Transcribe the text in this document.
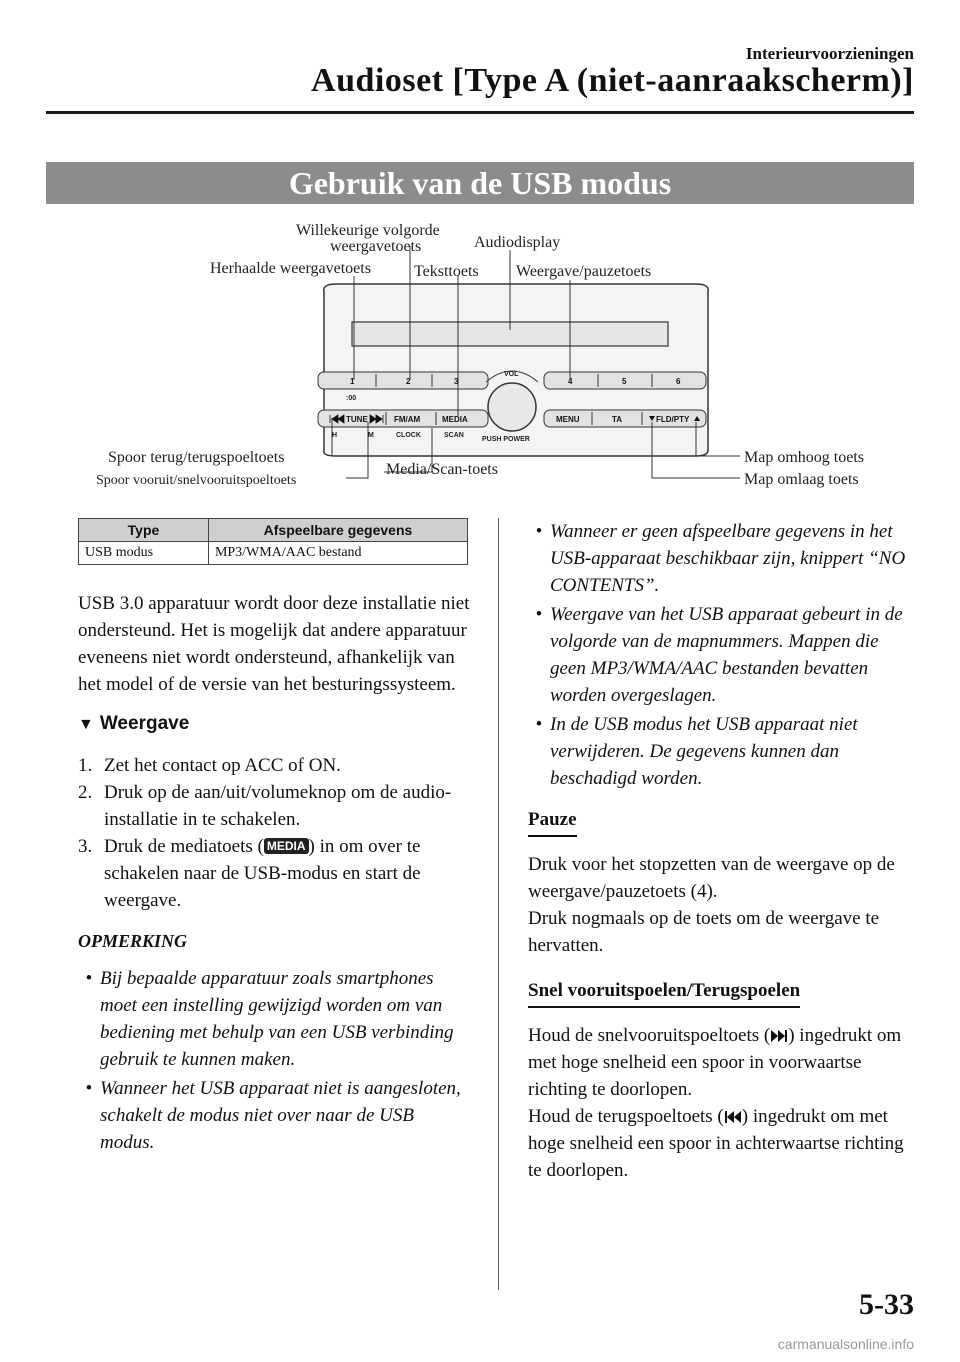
Interieurvoorzieningen
Audioset [Type A (niet-aanraakscherm)]
Gebruik van de USB modus
1	2	3	4	5	6
:00
VOL
PUSH POWER
TUNE	FM/AM	MEDIA	MENU	TA	FLD/PTY
H	M	CLOCK	SCAN
Willekeurige volgorde
weergavetoets	Audiodisplay
Herhaalde weergavetoets	Teksttoets Weergave/pauzetoets
Spoor terug/terugspoeltoets
Spoor vooruit/snelvooruitspoeltoets
Media/Scan-toets
Map omhoog toets
Map omlaag toets
Type	Afspeelbare gegevens
USB modus	MP3/WMA/AAC bestand

USB 3.0 apparatuur wordt door deze installatie niet ondersteund. Het is mogelijk dat andere apparatuur eveneens niet wordt ondersteund, afhankelijk van het model of de versie van het besturingssysteem.

▼ Weergave
1. Zet het contact op ACC of ON.
2. Druk op de aan/uit/volumeknop om de audio-installatie in te schakelen.
3. Druk de mediatoets ( MEDIA ) in om over te schakelen naar de USB-modus en start de weergave.
OPMERKING
• Bij bepaalde apparatuur zoals smartphones moet een instelling gewijzigd worden om van bediening met behulp van een USB verbinding gebruik te kunnen maken.
• Wanneer het USB apparaat niet is aangesloten, schakelt de modus niet over naar de USB modus.
• Wanneer er geen afspeelbare gegevens in het USB-apparaat beschikbaar zijn, knippert “NO CONTENTS”.
• Weergave van het USB apparaat gebeurt in de volgorde van de mapnummers. Mappen die geen MP3/WMA/AAC bestanden bevatten worden overgeslagen.
• In de USB modus het USB apparaat niet verwijderen. De gegevens kunnen dan beschadigd worden.
Pauze

Druk voor het stopzetten van de weergave op de weergave/pauzetoets (4).

Druk nogmaals op de toets om de weergave te hervatten.

Snel vooruitspoelen/Terugspoelen

Houd de snelvooruitspoeltoets ( ) ingedrukt om met hoge snelheid een spoor in voorwaartse richting te doorlopen.

Houd de terugspoeltoets ( ) ingedrukt om met hoge snelheid een spoor in achterwaartse richting te doorlopen.

5-33
carmanualsonline.info
